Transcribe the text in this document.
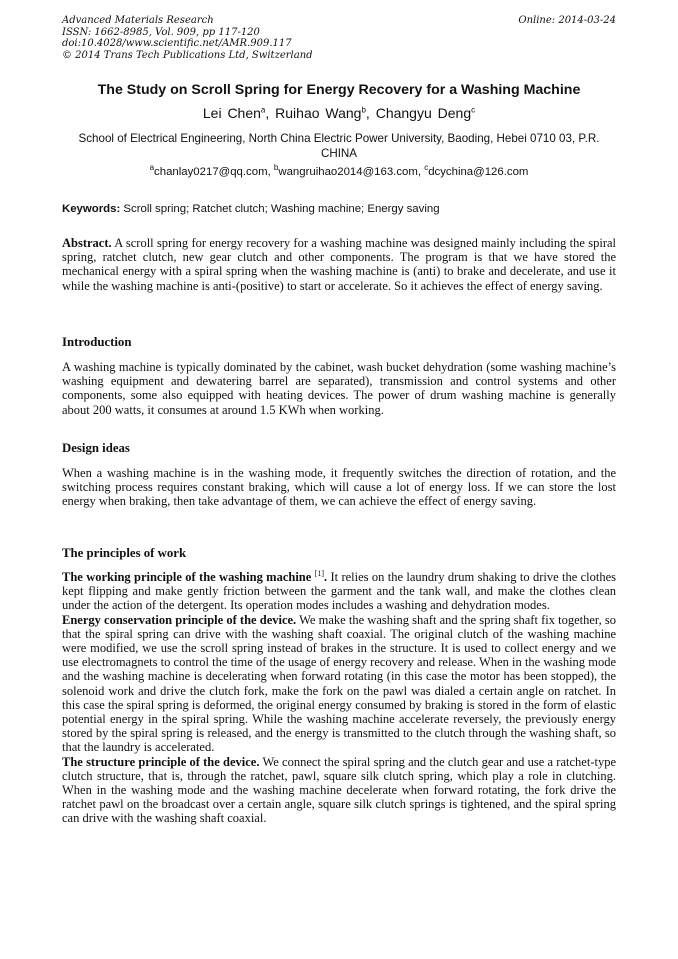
Advanced Materials Research
ISSN: 1662-8985, Vol. 909, pp 117-120
doi:10.4028/www.scientific.net/AMR.909.117
© 2014 Trans Tech Publications Ltd, Switzerland
Online: 2014-03-24
The Study on Scroll Spring for Energy Recovery for a Washing Machine
Lei Chen$^a$, Ruihao Wang$^b$, Changyu Deng$^c$
School of Electrical Engineering, North China Electric Power University, Baoding, Hebei 0710 03, P.R. CHINA
$^a$chanlay0217@qq.com, $^b$wangruihao2014@163.com, $^c$dcychina@126.com
Keywords: Scroll spring; Ratchet clutch; Washing machine; Energy saving

Abstract. A scroll spring for energy recovery for a washing machine was designed mainly including the spiral spring, ratchet clutch, new gear clutch and other components. The program is that we have stored the mechanical energy with a spiral spring when the washing machine is (anti) to brake and decelerate, and use it while the washing machine is anti-(positive) to start or accelerate. So it achieves the effect of energy saving.

Introduction

A washing machine is typically dominated by the cabinet, wash bucket dehydration (some washing machine’s washing equipment and dewatering barrel are separated), transmission and control systems and other components, some also equipped with heating devices. The power of drum washing machine is generally about 200 watts, it consumes at around 1.5 KWh when working.

Design ideas

When a washing machine is in the washing mode, it frequently switches the direction of rotation, and the switching process requires constant braking, which will cause a lot of energy loss. If we can store the lost energy when braking, then take advantage of them, we can achieve the effect of energy saving.

The principles of work

The working principle of the washing machine [1]. It relies on the laundry drum shaking to drive the clothes kept flipping and make gently friction between the garment and the tank wall, and make the clothes clean under the action of the detergent. Its operation modes includes a washing and dehydration modes.

Energy conservation principle of the device. We make the washing shaft and the spring shaft fix together, so that the spiral spring can drive with the washing shaft coaxial. The original clutch of the washing machine were modified, we use the scroll spring instead of brakes in the structure. It is used to collect energy and we use electromagnets to control the time of the usage of energy recovery and release. When in the washing mode and the washing machine is decelerating when forward rotating (in this case the motor has been stopped), the solenoid work and drive the clutch fork, make the fork on the pawl was dialed a certain angle on ratchet. In this case the spiral spring is deformed, the original energy consumed by braking is stored in the form of elastic potential energy in the spiral spring. While the washing machine accelerate reversely, the previously energy stored by the spiral spring is released, and the energy is transmitted to the clutch through the washing shaft, so that the laundry is accelerated.

The structure principle of the device. We connect the spiral spring and the clutch gear and use a ratchet-type clutch structure, that is, through the ratchet, pawl, square silk clutch spring, which play a role in clutching. When in the washing mode and the washing machine decelerate when forward rotating, the fork drive the ratchet pawl on the broadcast over a certain angle, square silk clutch springs is tightened, and the spiral spring can drive with the washing shaft coaxial.
